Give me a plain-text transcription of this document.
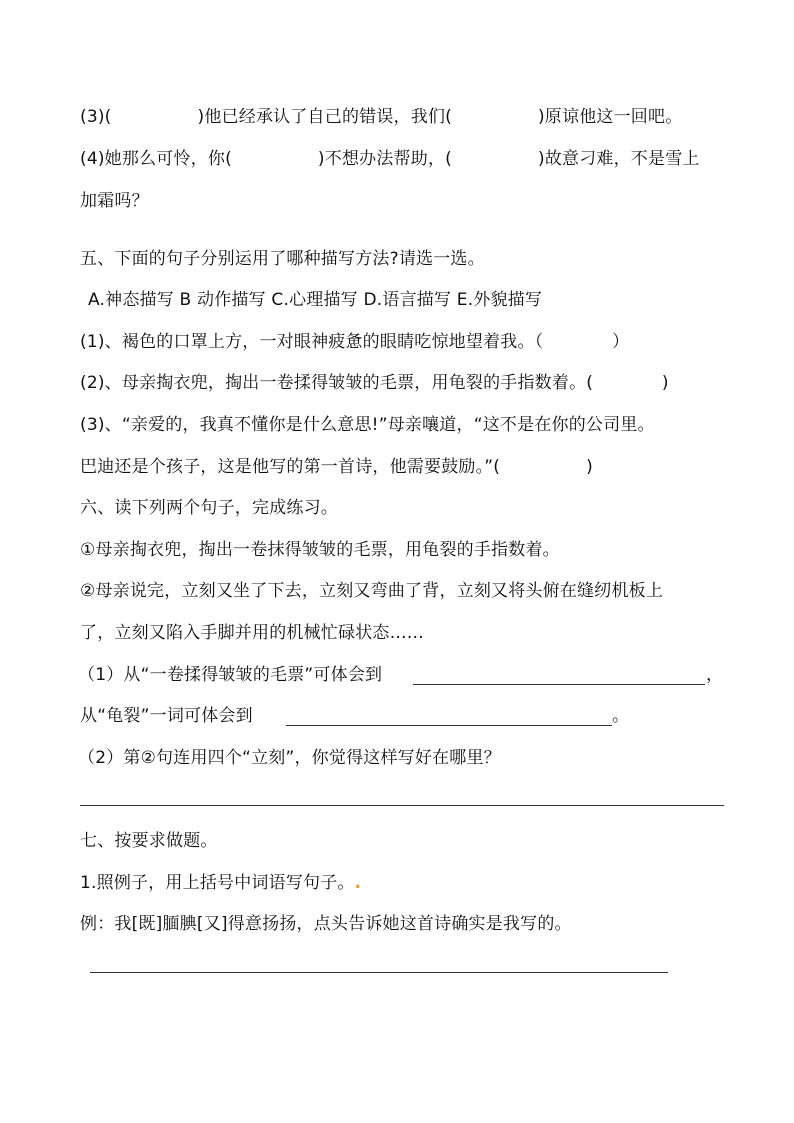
(3)(　　　　　)他已经承认了自己的错误，我们(　　　　　)原谅他这一回吧。
(4)她那么可怜，你(　　　　　)不想办法帮助，(　　　　　)故意刁难，不是雪上
加霜吗？
五、下面的句子分别运用了哪种描写方法?请选一选。
A.神态描写 B 动作描写 C.心理描写 D.语言描写 E.外貌描写
(1)、褐色的口罩上方，一对眼神疲惫的眼睛吃惊地望着我。（　　　　）
(2)、母亲掏衣兜，掏出一卷揉得皱皱的毛票，用龟裂的手指数着。(　　　　)
(3)、“亲爱的，我真不懂你是什么意思!”母亲嚷道，“这不是在你的公司里。
巴迪还是个孩子，这是他写的第一首诗，他需要鼓励。”(　　　　　)
六、读下列两个句子，完成练习。
①母亲掏衣兜，掏出一卷抹得皱皱的毛票，用龟裂的手指数着。
②母亲说完，立刻又坐了下去，立刻又弯曲了背，立刻又将头俯在缝纫机板上
了，立刻又陷入手脚并用的机械忙碌状态……
（1）从“一卷揉得皱皱的毛票”可体会到	，
从“龟裂”一词可体会到	。
（2）第②句连用四个“立刻”，你觉得这样写好在哪里？
七、按要求做题。
1.照例子，用上括号中词语写句子。.
例：我[既]腼腆[又]得意扬扬，点头告诉她这首诗确实是我写的。
